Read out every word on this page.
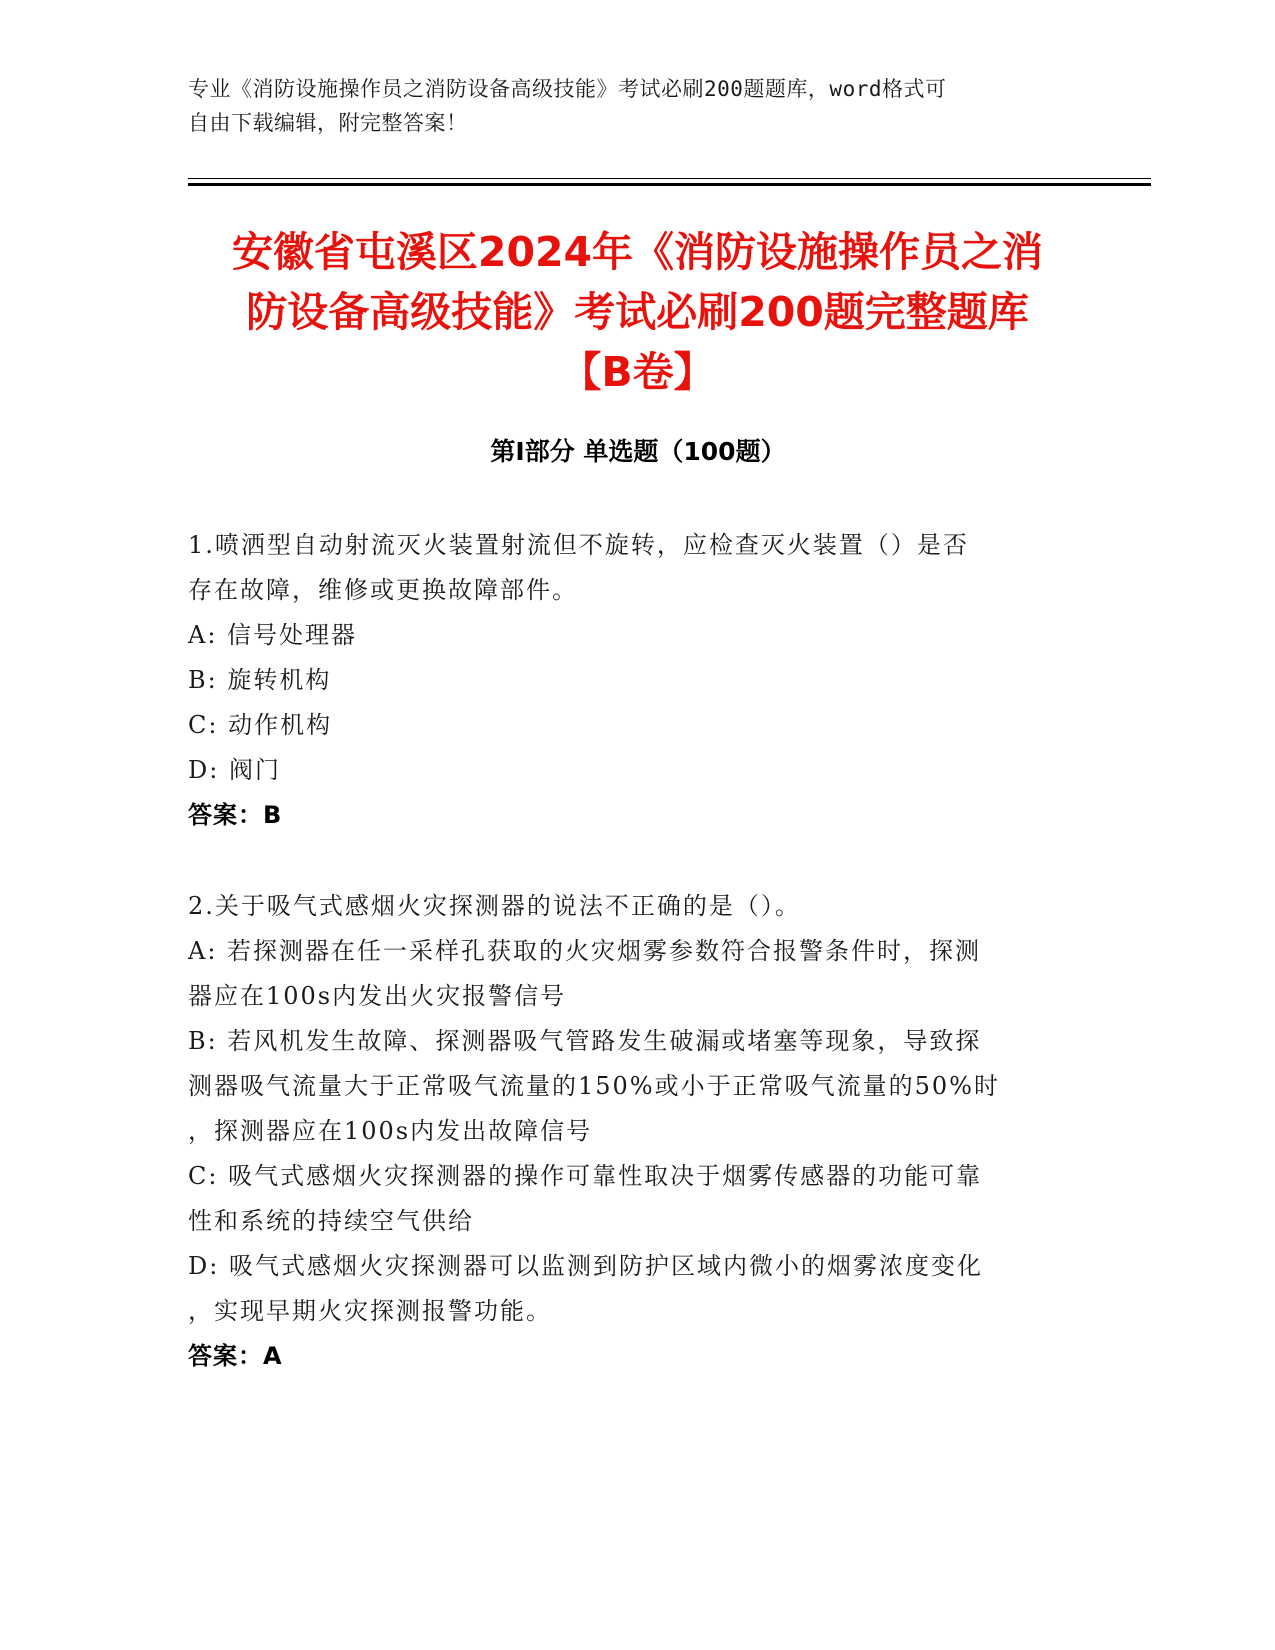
专业《消防设施操作员之消防设备高级技能》考试必刷200题题库，word格式可
自由下载编辑，附完整答案！
安徽省屯溪区2024年《消防设施操作员之消
防设备高级技能》考试必刷200题完整题库
【B卷】
第Ⅰ部分 单选题（100题）
1.喷洒型自动射流灭火装置射流但不旋转，应检查灭火装置（）是否
存在故障，维修或更换故障部件。
A: 信号处理器
B: 旋转机构
C: 动作机构
D: 阀门
答案：B
2.关于吸气式感烟火灾探测器的说法不正确的是（）。
A: 若探测器在任一采样孔获取的火灾烟雾参数符合报警条件时，探测
器应在100s内发出火灾报警信号
B: 若风机发生故障、探测器吸气管路发生破漏或堵塞等现象，导致探
测器吸气流量大于正常吸气流量的150%或小于正常吸气流量的50%时
，探测器应在100s内发出故障信号
C: 吸气式感烟火灾探测器的操作可靠性取决于烟雾传感器的功能可靠
性和系统的持续空气供给
D: 吸气式感烟火灾探测器可以监测到防护区域内微小的烟雾浓度变化
，实现早期火灾探测报警功能。
答案：A
